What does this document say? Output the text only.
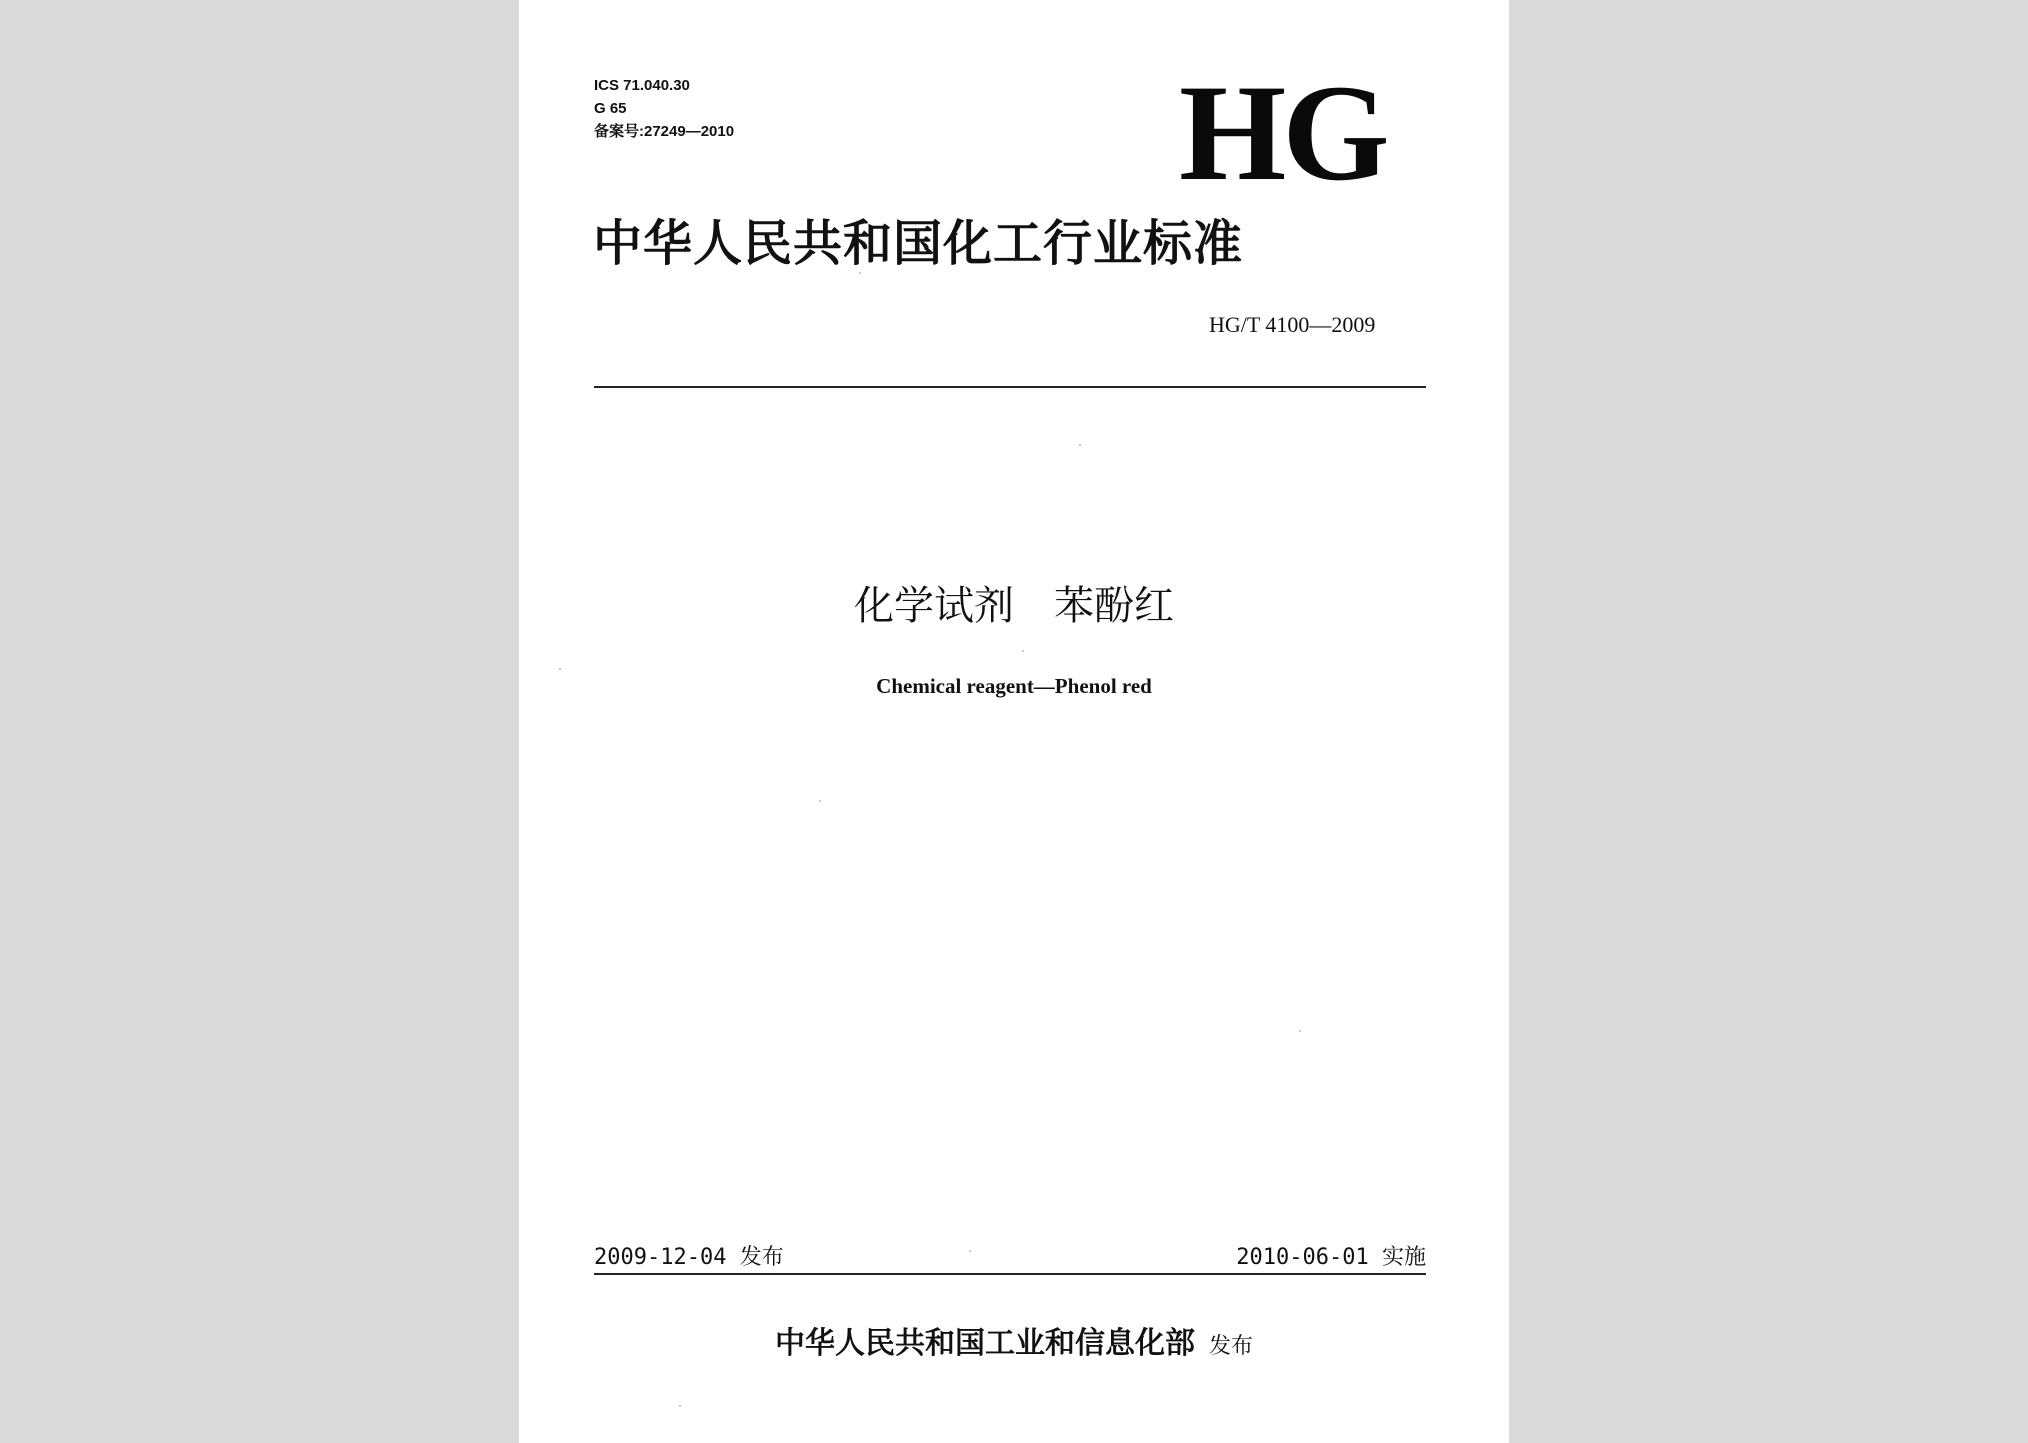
ICS 71.040.30
G 65
备案号:27249—2010	HG
中华人民共和国化工行业标准
HG/T 4100—2009
化学试剂　苯酚红
Chemical reagent—Phenol red
2009-12-04 发布	2010-06-01 实施
中华人民共和国工业和信息化部 发布
